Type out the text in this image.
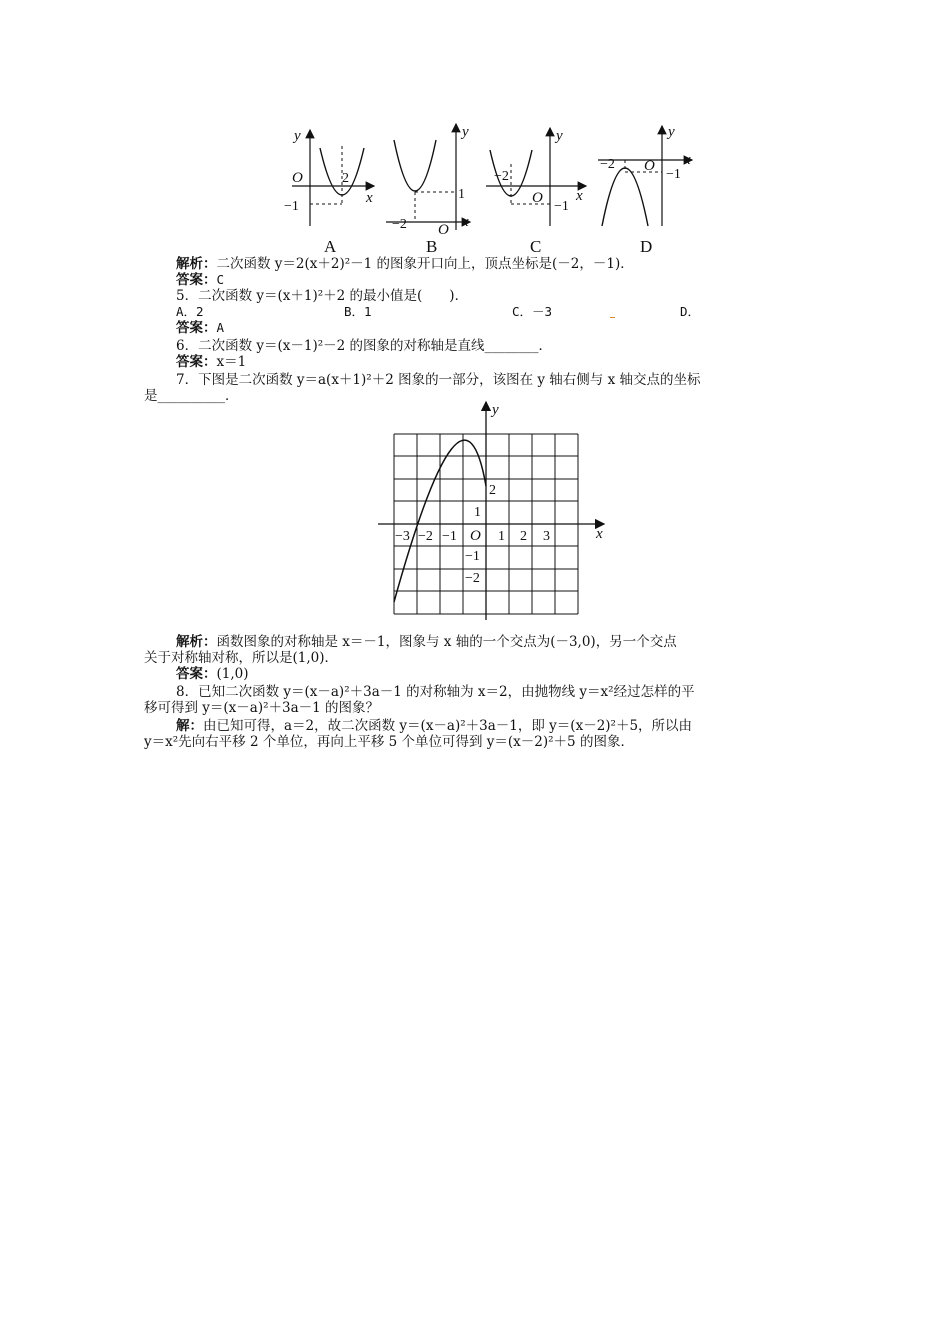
y
x
O	2
−1
A
y
x
O
1
−2
B
y
x
O
−2
−1
C
y
x
O
−2
−1
D
解析：二次函数 y＝2(x＋2)²－1 的图象开口向上，顶点坐标是(－2，－1)．
答案：C
5．二次函数 y＝(x＋1)²＋2 的最小值是(　　)．
A．2	B．1	C．－3	D．
答案：A
6．二次函数 y＝(x－1)²－2 的图象的对称轴是直线________．
答案：x＝1
7．下图是二次函数 y＝a(x＋1)²＋2 图象的一部分，该图在 y 轴右侧与 x 轴交点的坐标
是__________．
y
x
O
−3 −2 −1	1 2 3
2
1
−1
−2
解析：函数图象的对称轴是 x＝－1，图象与 x 轴的一个交点为(－3,0)，另一个交点
关于对称轴对称，所以是(1,0)．
答案：(1,0)
8．已知二次函数 y＝(x－a)²＋3a－1 的对称轴为 x＝2，由抛物线 y＝x²经过怎样的平
移可得到 y＝(x－a)²＋3a－1 的图象？
解：由已知可得，a＝2，故二次函数 y＝(x－a)²＋3a－1，即 y＝(x－2)²＋5，所以由
y＝x²先向右平移 2 个单位，再向上平移 5 个单位可得到 y＝(x－2)²＋5 的图象．
